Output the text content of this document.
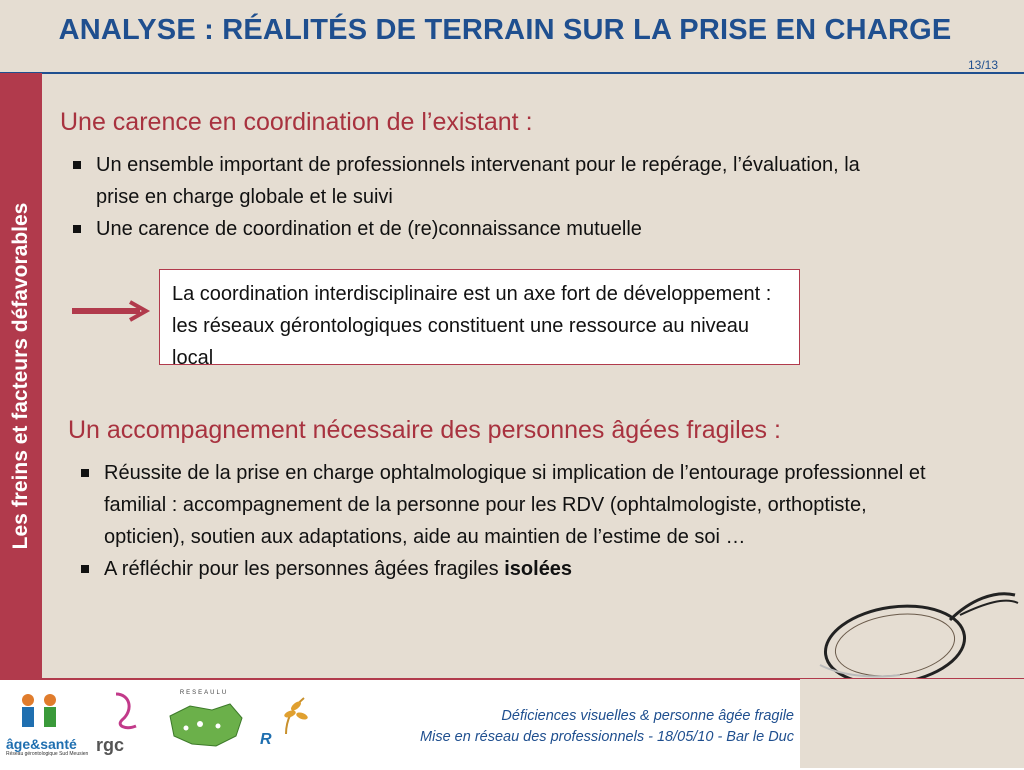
ANALYSE : RÉALITÉS DE TERRAIN SUR LA PRISE EN CHARGE
13/13
Les freins et facteurs défavorables
Une carence en coordination de l’existant :
Un ensemble important de professionnels intervenant pour le repérage, l’évaluation, la prise en charge globale et le suivi
Une carence de coordination et de (re)connaissance mutuelle
La coordination interdisciplinaire est un axe fort de développement : les réseaux gérontologiques constituent une ressource au niveau local
Un accompagnement nécessaire des personnes âgées fragiles :
Réussite de la prise en charge ophtalmologique si implication de l’entourage professionnel et familial : accompagnement de la personne pour les RDV (ophtalmologiste, orthoptiste, opticien), soutien aux adaptations, aide au maintien de l’estime de soi …
A réfléchir pour les personnes âgées fragiles isolées
âge&santé
Réseau gérontologique Sud Meusien rgc
RESEAULU
R
Déficiences visuelles & personne âgée fragile
Mise en réseau des professionnels - 18/05/10 - Bar le Duc
